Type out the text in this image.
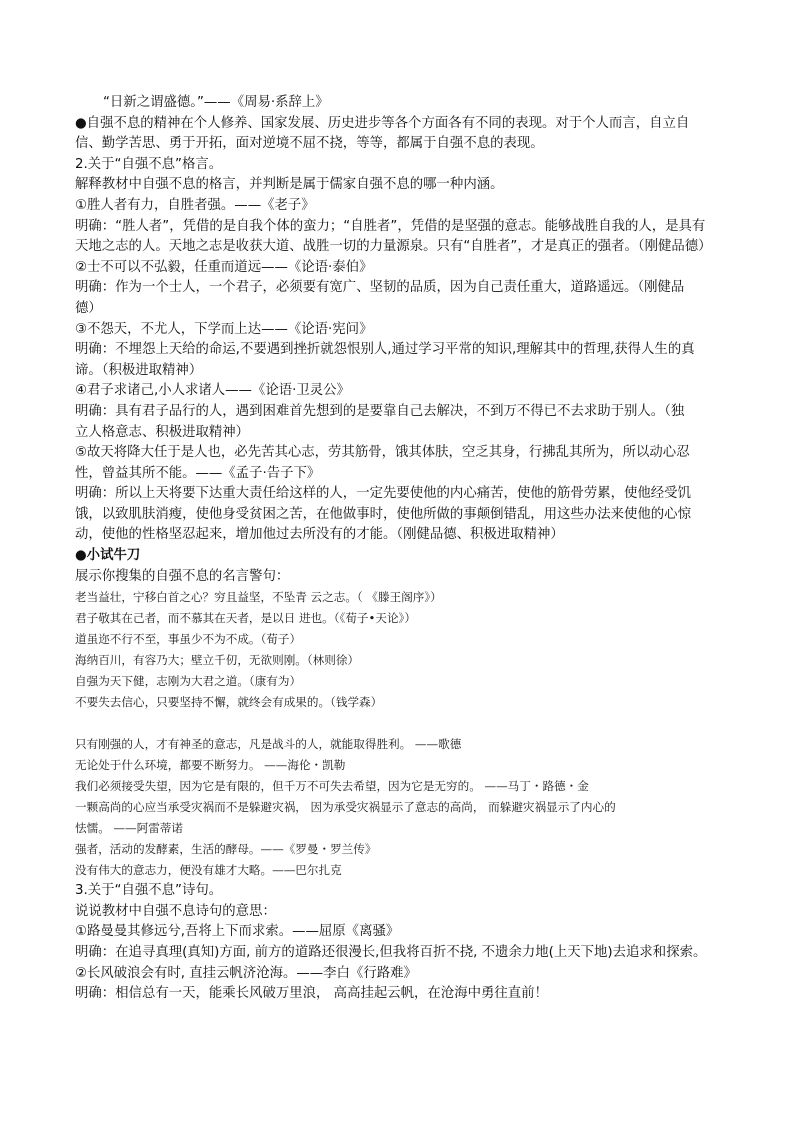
“日新之谓盛德。”——《周易·系辞上》
●自强不息的精神在个人修养、国家发展、历史进步等各个方面各有不同的表现。对于个人而言，自立自
信、勤学苦思、勇于开拓，面对逆境不屈不挠，等等，都属于自强不息的表现。
2.关于“自强不息”格言。
解释教材中自强不息的格言，并判断是属于儒家自强不息的哪一种内涵。
①胜人者有力，自胜者强。——《老子》
明确：“胜人者”，凭借的是自我个体的蛮力；“自胜者”，凭借的是坚强的意志。能够战胜自我的人，是具有
天地之志的人。天地之志是收获大道、战胜一切的力量源泉。只有“自胜者”，才是真正的强者。（刚健品德）
②士不可以不弘毅，任重而道远——《论语·泰伯》
明确：作为一个士人，一个君子，必须要有宽广、坚韧的品质，因为自己责任重大，道路遥远。（刚健品
德）
③不怨天，不尤人，下学而上达——《论语·宪问》
明确：不埋怨上天给的命运,不要遇到挫折就怨恨别人,通过学习平常的知识,理解其中的哲理,获得人生的真
谛。（积极进取精神）
④君子求诸己,小人求诸人——《论语·卫灵公》
明确：具有君子品行的人，遇到困难首先想到的是要靠自己去解决，不到万不得已不去求助于别人。（独
立人格意志、积极进取精神）
⑤故天将降大任于是人也，必先苦其心志，劳其筋骨，饿其体肤，空乏其身，行拂乱其所为，所以动心忍
性，曾益其所不能。——《孟子·告子下》
明确：所以上天将要下达重大责任给这样的人，一定先要使他的内心痛苦，使他的筋骨劳累，使他经受饥
饿，以致肌肤消瘦，使他身受贫困之苦，在他做事时，使他所做的事颠倒错乱，用这些办法来使他的心惊
动，使他的性格坚忍起来，增加他过去所没有的才能。（刚健品德、积极进取精神）
●小试牛刀
展示你搜集的自强不息的名言警句：
老当益壮，宁移白首之心？穷且益坚，不坠青 云之志。（ 《滕王阁序》）
君子敬其在己者，而不慕其在天者，是以日 进也。（《荀子•天论》）
道虽迩不行不至，事虽少不为不成。（荀子）
海纳百川，有容乃大；壁立千仞，无欲则刚。（林则徐）
自强为天下健，志刚为大君之道。（康有为）
不要失去信心，只要坚持不懈，就终会有成果的。（钱学森）
只有刚强的人，才有神圣的意志，凡是战斗的人，就能取得胜利。 ——歌德
无论处于什么环境，都要不断努力。 ——海伦・凯勒
我们必须接受失望，因为它是有限的，但千万不可失去希望，因为它是无穷的。 ——马丁・路德・金
一颗高尚的心应当承受灾祸而不是躲避灾祸， 因为承受灾祸显示了意志的高尚， 而躲避灾祸显示了内心的
怯懦。 ——阿雷蒂诺
强者，活动的发酵素，生活的酵母。——《罗曼・罗兰传》
没有伟大的意志力，便没有雄才大略。——巴尔扎克
3.关于“自强不息”诗句。
说说教材中自强不息诗句的意思：
①路曼曼其修远兮,吾将上下而求索。——屈原《离骚》
明确：在追寻真理(真知)方面, 前方的道路还很漫长,但我将百折不挠, 不遗余力地(上天下地)去追求和探索。
②长风破浪会有时, 直挂云帆济沧海。——李白《行路难》
明确：相信总有一天，能乘长风破万里浪， 高高挂起云帆，在沧海中勇往直前！
